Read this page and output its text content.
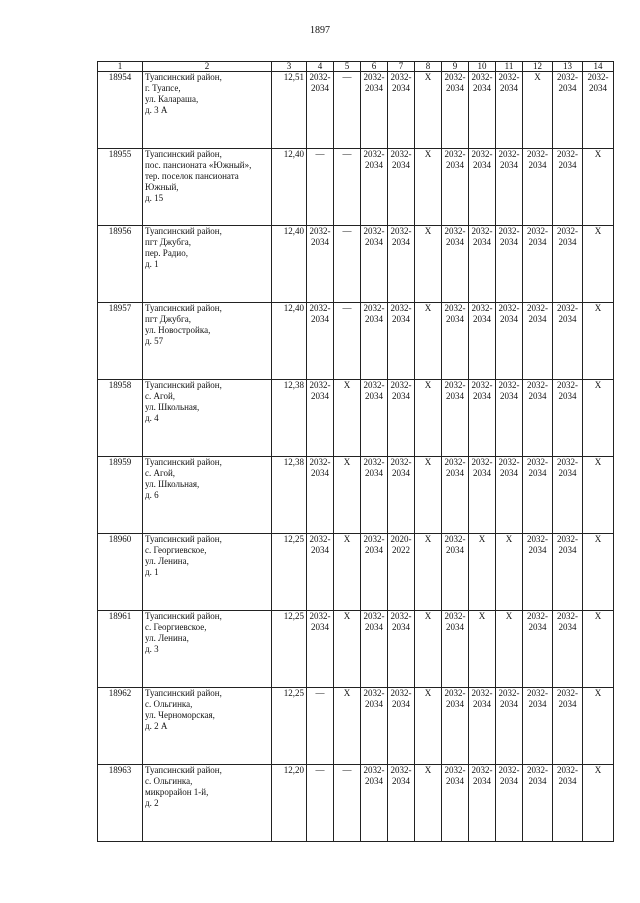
1897
1	2	3	4	5	6	7	8	9	10	11	12	13	14
18954	Туапсинский район,
г. Туапсе,
ул. Калараша,
д. 3 А	12,51	2032-
2034	—	2032-
2034	2032-
2034	X	2032-
2034	2032-
2034	2032-
2034	X	2032-
2034	2032-
2034

18955	Туапсинский район,
пос. пансионата «Южный»,
тер. поселок пансионата
Южный,
д. 15	12,40	—	—	2032-
2034	2032-
2034	X	2032-
2034	2032-
2034	2032-
2034	2032-
2034	2032-
2034	X

18956	Туапсинский район,
пгт Джубга,
пер. Радио,
д. 1	12,40	2032-
2034	—	2032-
2034	2032-
2034	X	2032-
2034	2032-
2034	2032-
2034	2032-
2034	2032-
2034	X

18957	Туапсинский район,
пгт Джубга,
ул. Новостройка,
д. 57	12,40	2032-
2034	—	2032-
2034	2032-
2034	X	2032-
2034	2032-
2034	2032-
2034	2032-
2034	2032-
2034	X

18958	Туапсинский район,
с. Агой,
ул. Школьная,
д. 4	12,38	2032-
2034	X	2032-
2034	2032-
2034	X	2032-
2034	2032-
2034	2032-
2034	2032-
2034	2032-
2034	X

18959	Туапсинский район,
с. Агой,
ул. Школьная,
д. 6	12,38	2032-
2034	X	2032-
2034	2032-
2034	X	2032-
2034	2032-
2034	2032-
2034	2032-
2034	2032-
2034	X

18960	Туапсинский район,
с. Георгиевское,
ул. Ленина,
д. 1	12,25	2032-
2034	X	2032-
2034	2020-
2022	X	2032-
2034	X	X	2032-
2034	2032-
2034	X

18961	Туапсинский район,
с. Георгиевское,
ул. Ленина,
д. 3	12,25	2032-
2034	X	2032-
2034	2032-
2034	X	2032-
2034	X	X	2032-
2034	2032-
2034	X

18962	Туапсинский район,
с. Ольгинка,
ул. Черноморская,
д. 2 А	12,25	—	X	2032-
2034	2032-
2034	X	2032-
2034	2032-
2034	2032-
2034	2032-
2034	2032-
2034	X

18963	Туапсинский район,
с. Ольгинка,
микрорайон 1-й,
д. 2	12,20	—	—	2032-
2034	2032-
2034	X	2032-
2034	2032-
2034	2032-
2034	2032-
2034	2032-
2034	X
